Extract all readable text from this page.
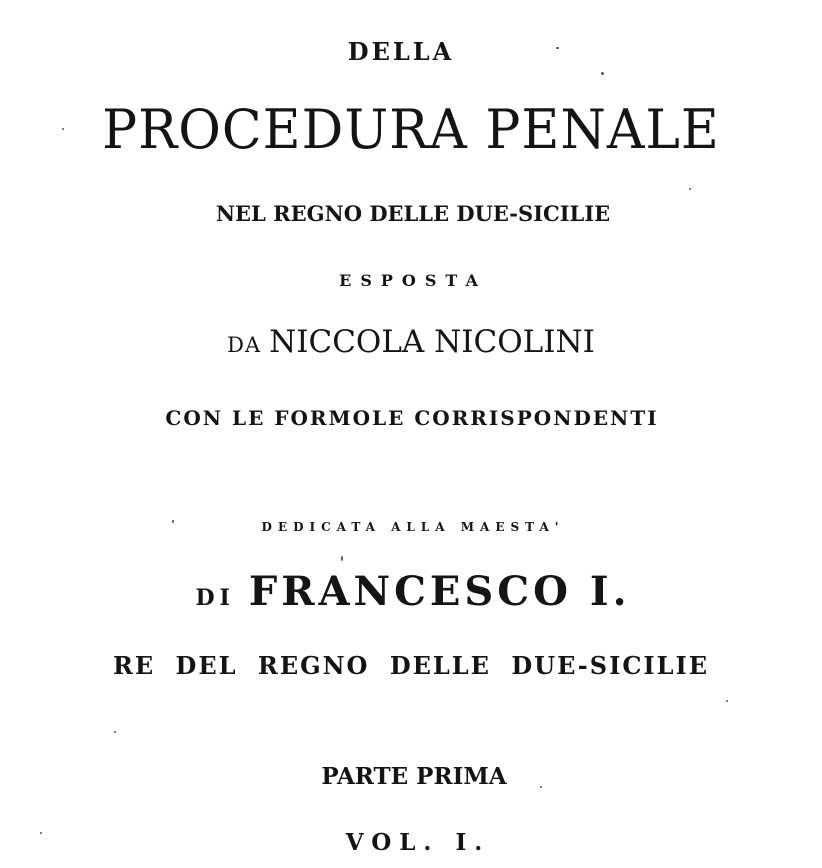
DELLA
PROCEDURA PENALE
NEL REGNO DELLE DUE-SICILIE
ESPOSTA
DA NICCOLA NICOLINI
CON LE FORMOLE CORRISPONDENTI
DEDICATA ALLA MAESTA'
DI FRANCESCO I.
RE DEL REGNO DELLE DUE-SICILIE
PARTE PRIMA
VOL. I.
